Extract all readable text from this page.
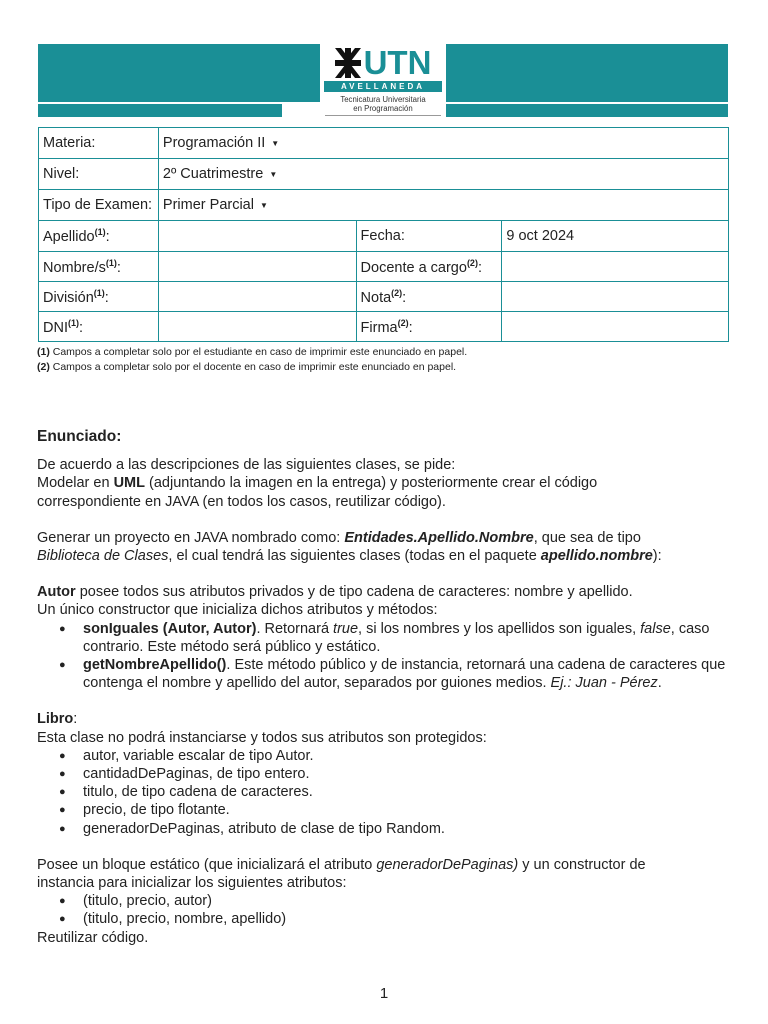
UTN
AVELLANEDA
Tecnicatura Universitaria
en Programación
Materia:	Programación II ▼		
Nivel:	2º Cuatrimestre ▼		
Tipo de Examen:	Primer Parcial ▼		
Apellido$^{(1)}$:		Fecha:	9 oct 2024
Nombre/$s^{(1)}$:		Docente a cargo$^{(2)}$:	
División$^{(1)}$:		Nota$^{(2)}$:	
DNI$^{(1)}$:		Firma$^{(2)}$:	
(1) Campos a completar solo por el estudiante en caso de imprimir este enunciado en papel.
(2) Campos a completar solo por el docente en caso de imprimir este enunciado en papel.
Enunciado:

De acuerdo a las descripciones de las siguientes clases, se pide:

Modelar en UML (adjuntando la imagen en la entrega) y posteriormente crear el código correspondiente en JAVA (en todos los casos, reutilizar código).

Generar un proyecto en JAVA nombrado como: Entidades.Apellido.Nombre, que sea de tipo Biblioteca de Clases, el cual tendrá las siguientes clases (todas en el paquete apellido.nombre):

Autor posee todos sus atributos privados y de tipo cadena de caracteres: nombre y apellido.

Un único constructor que inicializa dichos atributos y métodos:

● sonIguales (Autor, Autor). Retornará true, si los nombres y los apellidos son iguales, false, caso contrario. Este método será público y estático.
● getNombreApellido(). Este método público y de instancia, retornará una cadena de caracteres que contenga el nombre y apellido del autor, separados por guiones medios. Ej.: Juan - Pérez.

Libro:

Esta clase no podrá instanciarse y todos sus atributos son protegidos:

● autor, variable escalar de tipo Autor.
● cantidadDePaginas, de tipo entero.
● titulo, de tipo cadena de caracteres.
● precio, de tipo flotante.
● generadorDePaginas, atributo de clase de tipo Random.

Posee un bloque estático (que inicializará el atributo generadorDePaginas) y un constructor de instancia para inicializar los siguientes atributos:

● (titulo, precio, autor)
● (titulo, precio, nombre, apellido)

Reutilizar código.

1
